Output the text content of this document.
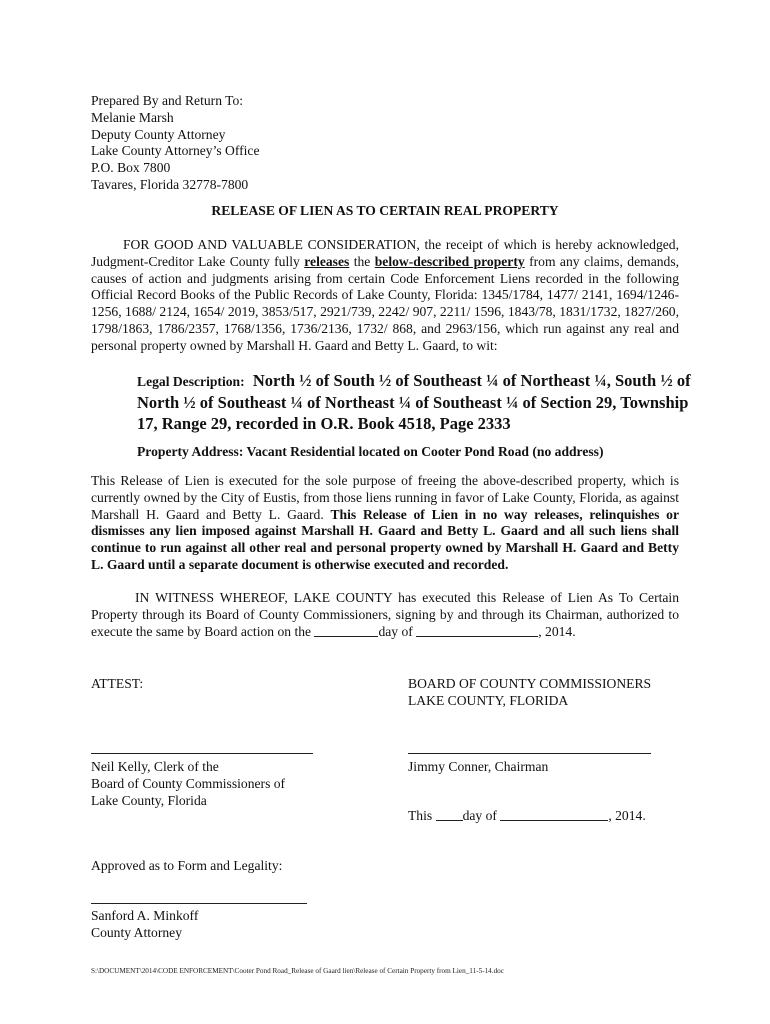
Prepared By and Return To:
Melanie Marsh
Deputy County Attorney
Lake County Attorney’s Office
P.O. Box 7800
Tavares, Florida 32778-7800
RELEASE OF LIEN AS TO CERTAIN REAL PROPERTY
FOR GOOD AND VALUABLE CONSIDERATION, the receipt of which is hereby acknowledged, Judgment-Creditor Lake County fully releases the below-described property from any claims, demands, causes of action and judgments arising from certain Code Enforcement Liens recorded in the following Official Record Books of the Public Records of Lake County, Florida: 1345/1784, 1477/ 2141, 1694/1246-1256, 1688/ 2124, 1654/ 2019, 3853/517, 2921/739, 2242/ 907, 2211/ 1596, 1843/78, 1831/1732, 1827/260, 1798/1863, 1786/2357, 1768/1356, 1736/2136, 1732/ 868, and 2963/156, which run against any real and personal property owned by Marshall H. Gaard and Betty L. Gaard, to wit:
Legal Description: North ½ of South ½ of Southeast ¼ of Northeast ¼, South ½ of
North ½ of Southeast ¼ of Northeast ¼ of Southeast ¼ of Section 29, Township
17, Range 29, recorded in O.R. Book 4518, Page 2333
Property Address: Vacant Residential located on Cooter Pond Road (no address)
This Release of Lien is executed for the sole purpose of freeing the above-described property, which is currently owned by the City of Eustis, from those liens running in favor of Lake County, Florida, as against Marshall H. Gaard and Betty L. Gaard. This Release of Lien in no way releases, relinquishes or dismisses any lien imposed against Marshall H. Gaard and Betty L. Gaard and all such liens shall continue to run against all other real and personal property owned by Marshall H. Gaard and Betty L. Gaard until a separate document is otherwise executed and recorded.
IN WITNESS WHEREOF, LAKE COUNTY has executed this Release of Lien As To Certain Property through its Board of County Commissioners, signing by and through its Chairman, authorized to execute the same by Board action on the	day of	, 2014.
ATTEST:	BOARD OF COUNTY COMMISSIONERS
LAKE COUNTY, FLORIDA
Neil Kelly, Clerk of the
Board of County Commissioners of
Lake County, Florida
Jimmy Conner, Chairman
This day of	, 2014.
Approved as to Form and Legality:
Sanford A. Minkoff
County Attorney
S:\DOCUMENT\2014\CODE ENFORCEMENT\Cooter Pond Road_Release of Gaard lien\Release of Certain Property from Lien_11-5-14.doc
